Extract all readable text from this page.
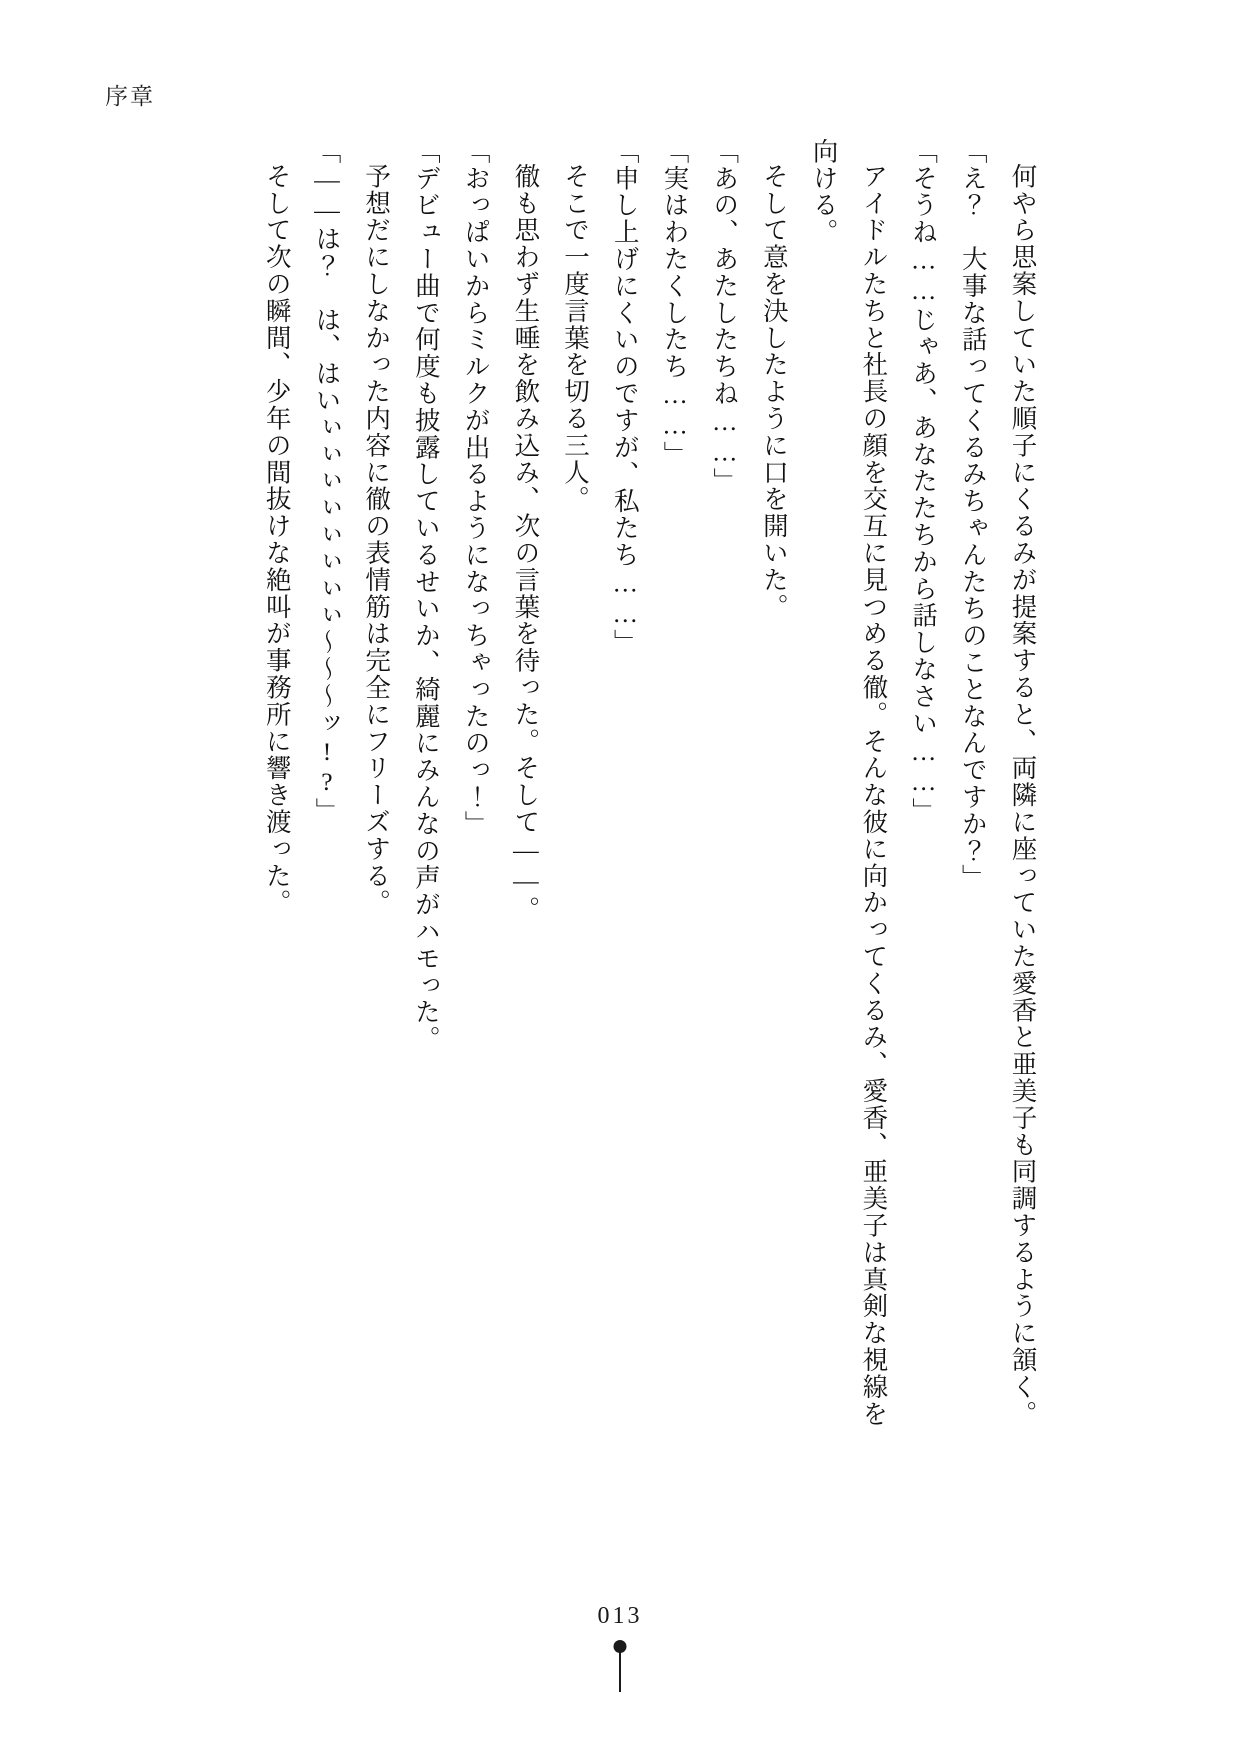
序章

何やら思案していた順子にくるみが提案すると、両隣に座っていた愛香と亜美子も同調するように頷く。

「え？　大事な話ってくるみちゃんたちのことなんですか？」

「そうね……じゃあ、あなたたちから話しなさい……」

アイドルたちと社長の顔を交互に見つめる徹。そんな彼に向かってくるみ、愛香、亜美子は真剣な視線を向ける。

そして意を決したように口を開いた。

「あの、あたしたちね……」

「実はわたくしたち……」

「申し上げにくいのですが、私たち……」

そこで一度言葉を切る三人。

徹も思わず生唾を飲み込み、次の言葉を待った。そして――。

「おっぱいからミルクが出るようになっちゃったのっ！」

「デビュー曲で何度も披露しているせいか、綺麗にみんなの声がハモった。

予想だにしなかった内容に徹の表情筋は完全にフリーズする。

「――は？　は、はいぃぃぃぃぃぃぃぃ～～～ッ!?」

そして次の瞬間、少年の間抜けな絶叫が事務所に響き渡った。

013
